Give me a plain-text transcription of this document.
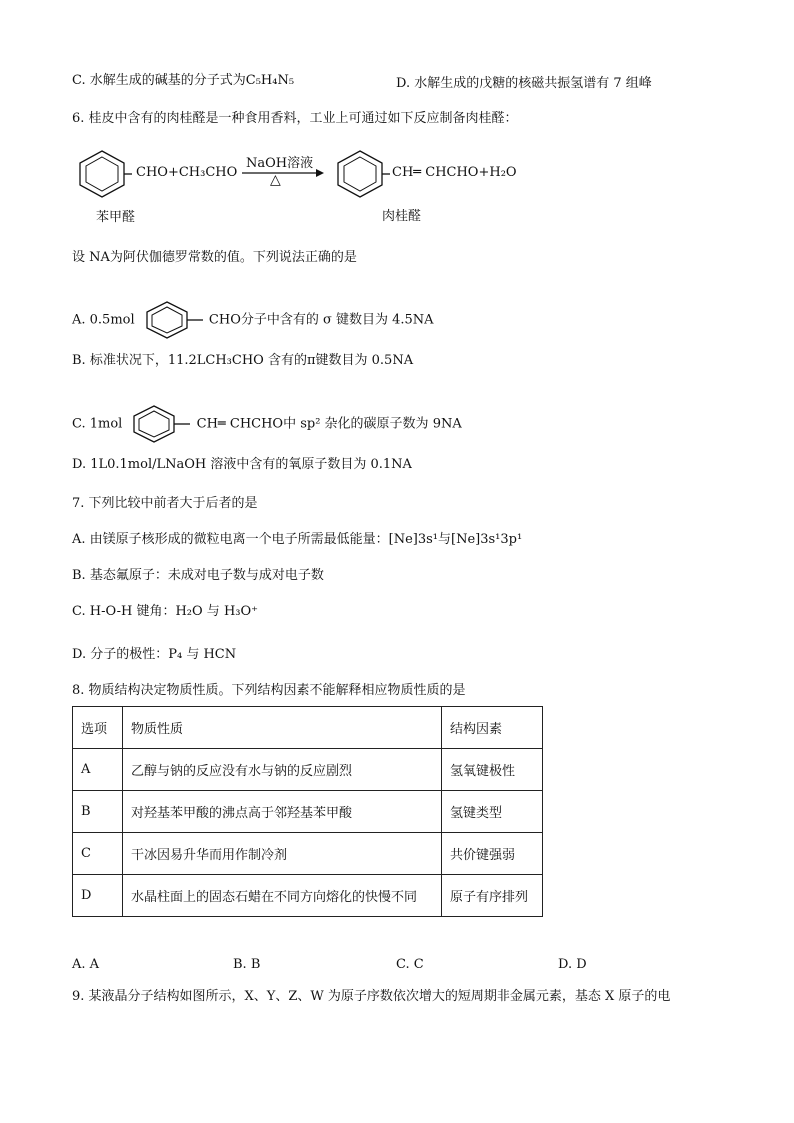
C. 水解生成的碱基的分子式为C₅H₄N₅	D. 水解生成的戊糖的核磁共振氢谱有 7 组峰
6. 桂皮中含有的肉桂醛是一种食用香料，工业上可通过如下反应制备肉桂醛：
CHO+CH₃CHO
NaOH溶液
△	CH═ CHCHO+H₂O
苯甲醛	肉桂醛
设 NA为阿伏伽德罗常数的值。下列说法正确的是
A. 0.5mol	CHO分子中含有的 σ 键数目为 4.5NA
B. 标准状况下，11.2LCH₃CHO 含有的π键数目为 0.5NA
C. 1mol	CH═ CHCHO中 sp² 杂化的碳原子数为 9NA
D. 1L0.1mol/LNaOH 溶液中含有的氧原子数目为 0.1NA
7. 下列比较中前者大于后者的是
A. 由镁原子核形成的微粒电离一个电子所需最低能量：[Ne]3s¹与[Ne]3s¹3p¹
B. 基态氟原子：未成对电子数与成对电子数
C. H-O-H 键角：H₂O 与 H₃O⁺
D. 分子的极性：P₄ 与 HCN
8. 物质结构决定物质性质。下列结构因素不能解释相应物质性质的是
选项	物质性质	结构因素
A	乙醇与钠的反应没有水与钠的反应剧烈	氢氧键极性
B	对羟基苯甲酸的沸点高于邻羟基苯甲酸	氢键类型
C	干冰因易升华而用作制冷剂	共价键强弱
D	水晶柱面上的固态石蜡在不同方向熔化的快慢不同	原子有序排列
A. A	B. B	C. C	D. D
9. 某液晶分子结构如图所示，X、Y、Z、W 为原子序数依次增大的短周期非金属元素，基态 X 原子的电
